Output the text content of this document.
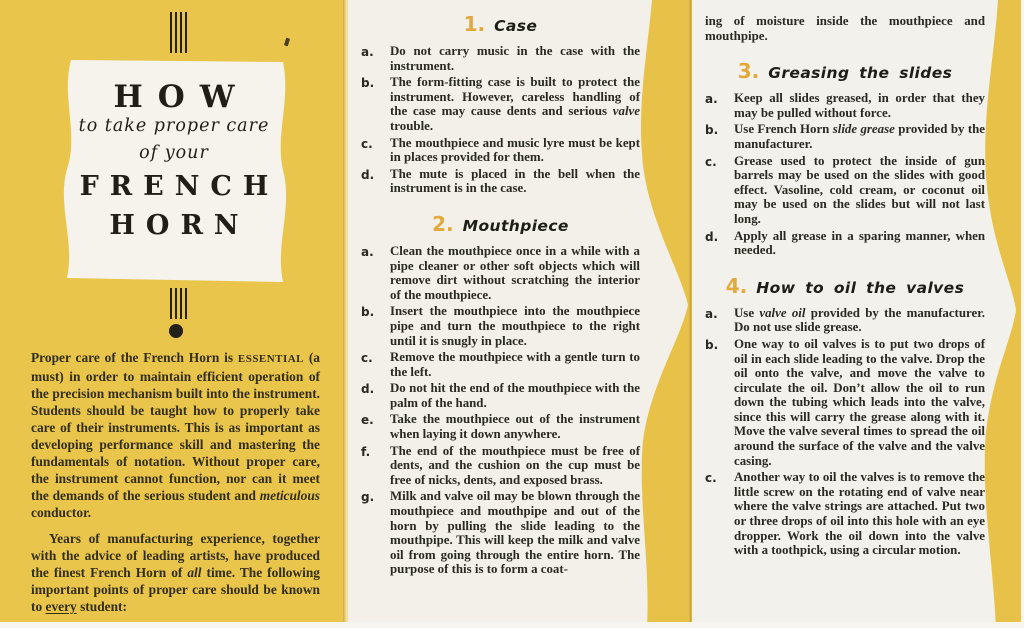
HOW
to take proper care
of your
FRENCH
HORN

Proper care of the French Horn is ESSENTIAL (a must) in order to maintain efficient operation of the precision mechanism built into the instrument. Students should be taught how to properly take care of their instruments. This is as important as developing performance skill and mastering the fundamentals of notation. Without proper care, the instrument cannot function, nor can it meet the demands of the serious student and meticulous conductor.

Years of manufacturing experience, together with the advice of leading artists, have produced the finest French Horn of all time. The following important points of proper care should be known to every student:

1. Case
a.	Do not carry music in the case with the instrument.
b.	The form-fitting case is built to protect the instrument. However, careless handling of the case may cause dents and serious valve trouble.
c.	The mouthpiece and music lyre must be kept in places provided for them.
d.	The mute is placed in the bell when the instrument is in the case.
2. Mouthpiece
a.	Clean the mouthpiece once in a while with a pipe cleaner or other soft objects which will remove dirt without scratching the interior of the mouthpiece.
b.	Insert the mouthpiece into the mouthpiece pipe and turn the mouthpiece to the right until it is snugly in place.
c.	Remove the mouthpiece with a gentle turn to the left.
d.	Do not hit the end of the mouthpiece with the palm of the hand.
e.	Take the mouthpiece out of the instrument when laying it down anywhere.
f.	The end of the mouthpiece must be free of dents, and the cushion on the cup must be free of nicks, dents, and exposed brass.
g.	Milk and valve oil may be blown through the mouthpiece and mouthpipe and out of the horn by pulling the slide leading to the mouthpipe. This will keep the milk and valve oil from going through the entire horn. The purpose of this is to form a coat-

ing of moisture inside the mouthpiece and mouthpipe.

3. Greasing the slides
a.	Keep all slides greased, in order that they may be pulled without force.
b.	Use French Horn slide grease provided by the manufacturer.
c.	Grease used to protect the inside of gun barrels may be used on the slides with good effect. Vasoline, cold cream, or coconut oil may be used on the slides but will not last long.
d.	Apply all grease in a sparing manner, when needed.
4. How to oil the valves
a.	Use valve oil provided by the manufacturer. Do not use slide grease.
b.	One way to oil valves is to put two drops of oil in each slide leading to the valve. Drop the oil onto the valve, and move the valve to circulate the oil. Don’t allow the oil to run down the tubing which leads into the valve, since this will carry the grease along with it. Move the valve several times to spread the oil around the surface of the valve and the valve casing.
c.	Another way to oil the valves is to remove the little screw on the rotating end of valve near where the valve strings are attached. Put two or three drops of oil into this hole with an eye dropper. Work the oil down into the valve with a toothpick, using a circular motion.
